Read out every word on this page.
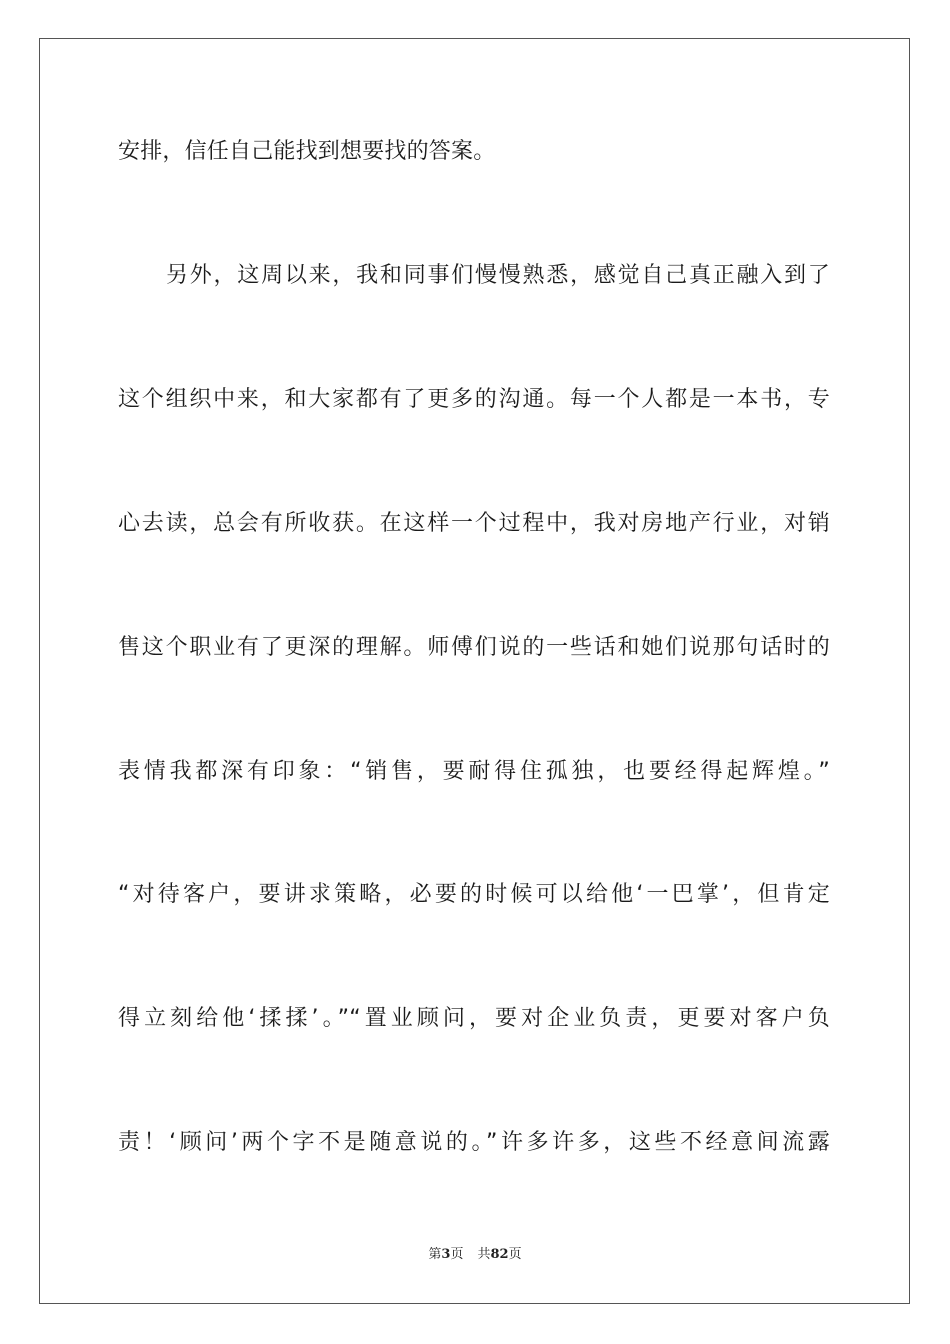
安排，信任自己能找到想要找的答案。
另外，这周以来，我和同事们慢慢熟悉，感觉自己真正融入到了
这个组织中来，和大家都有了更多的沟通。每一个人都是一本书，专
心去读，总会有所收获。在这样一个过程中，我对房地产行业，对销
售这个职业有了更深的理解。师傅们说的一些话和她们说那句话时的
表情我都深有印象：“销售，要耐得住孤独，也要经得起辉煌。”
“对待客户，要讲求策略，必要的时候可以给他‘一巴掌’，但肯定
得立刻给他‘揉揉’。”“置业顾问，要对企业负责，更要对客户负
责！‘顾问’两个字不是随意说的。”许多许多，这些不经意间流露
第3页 共82页
